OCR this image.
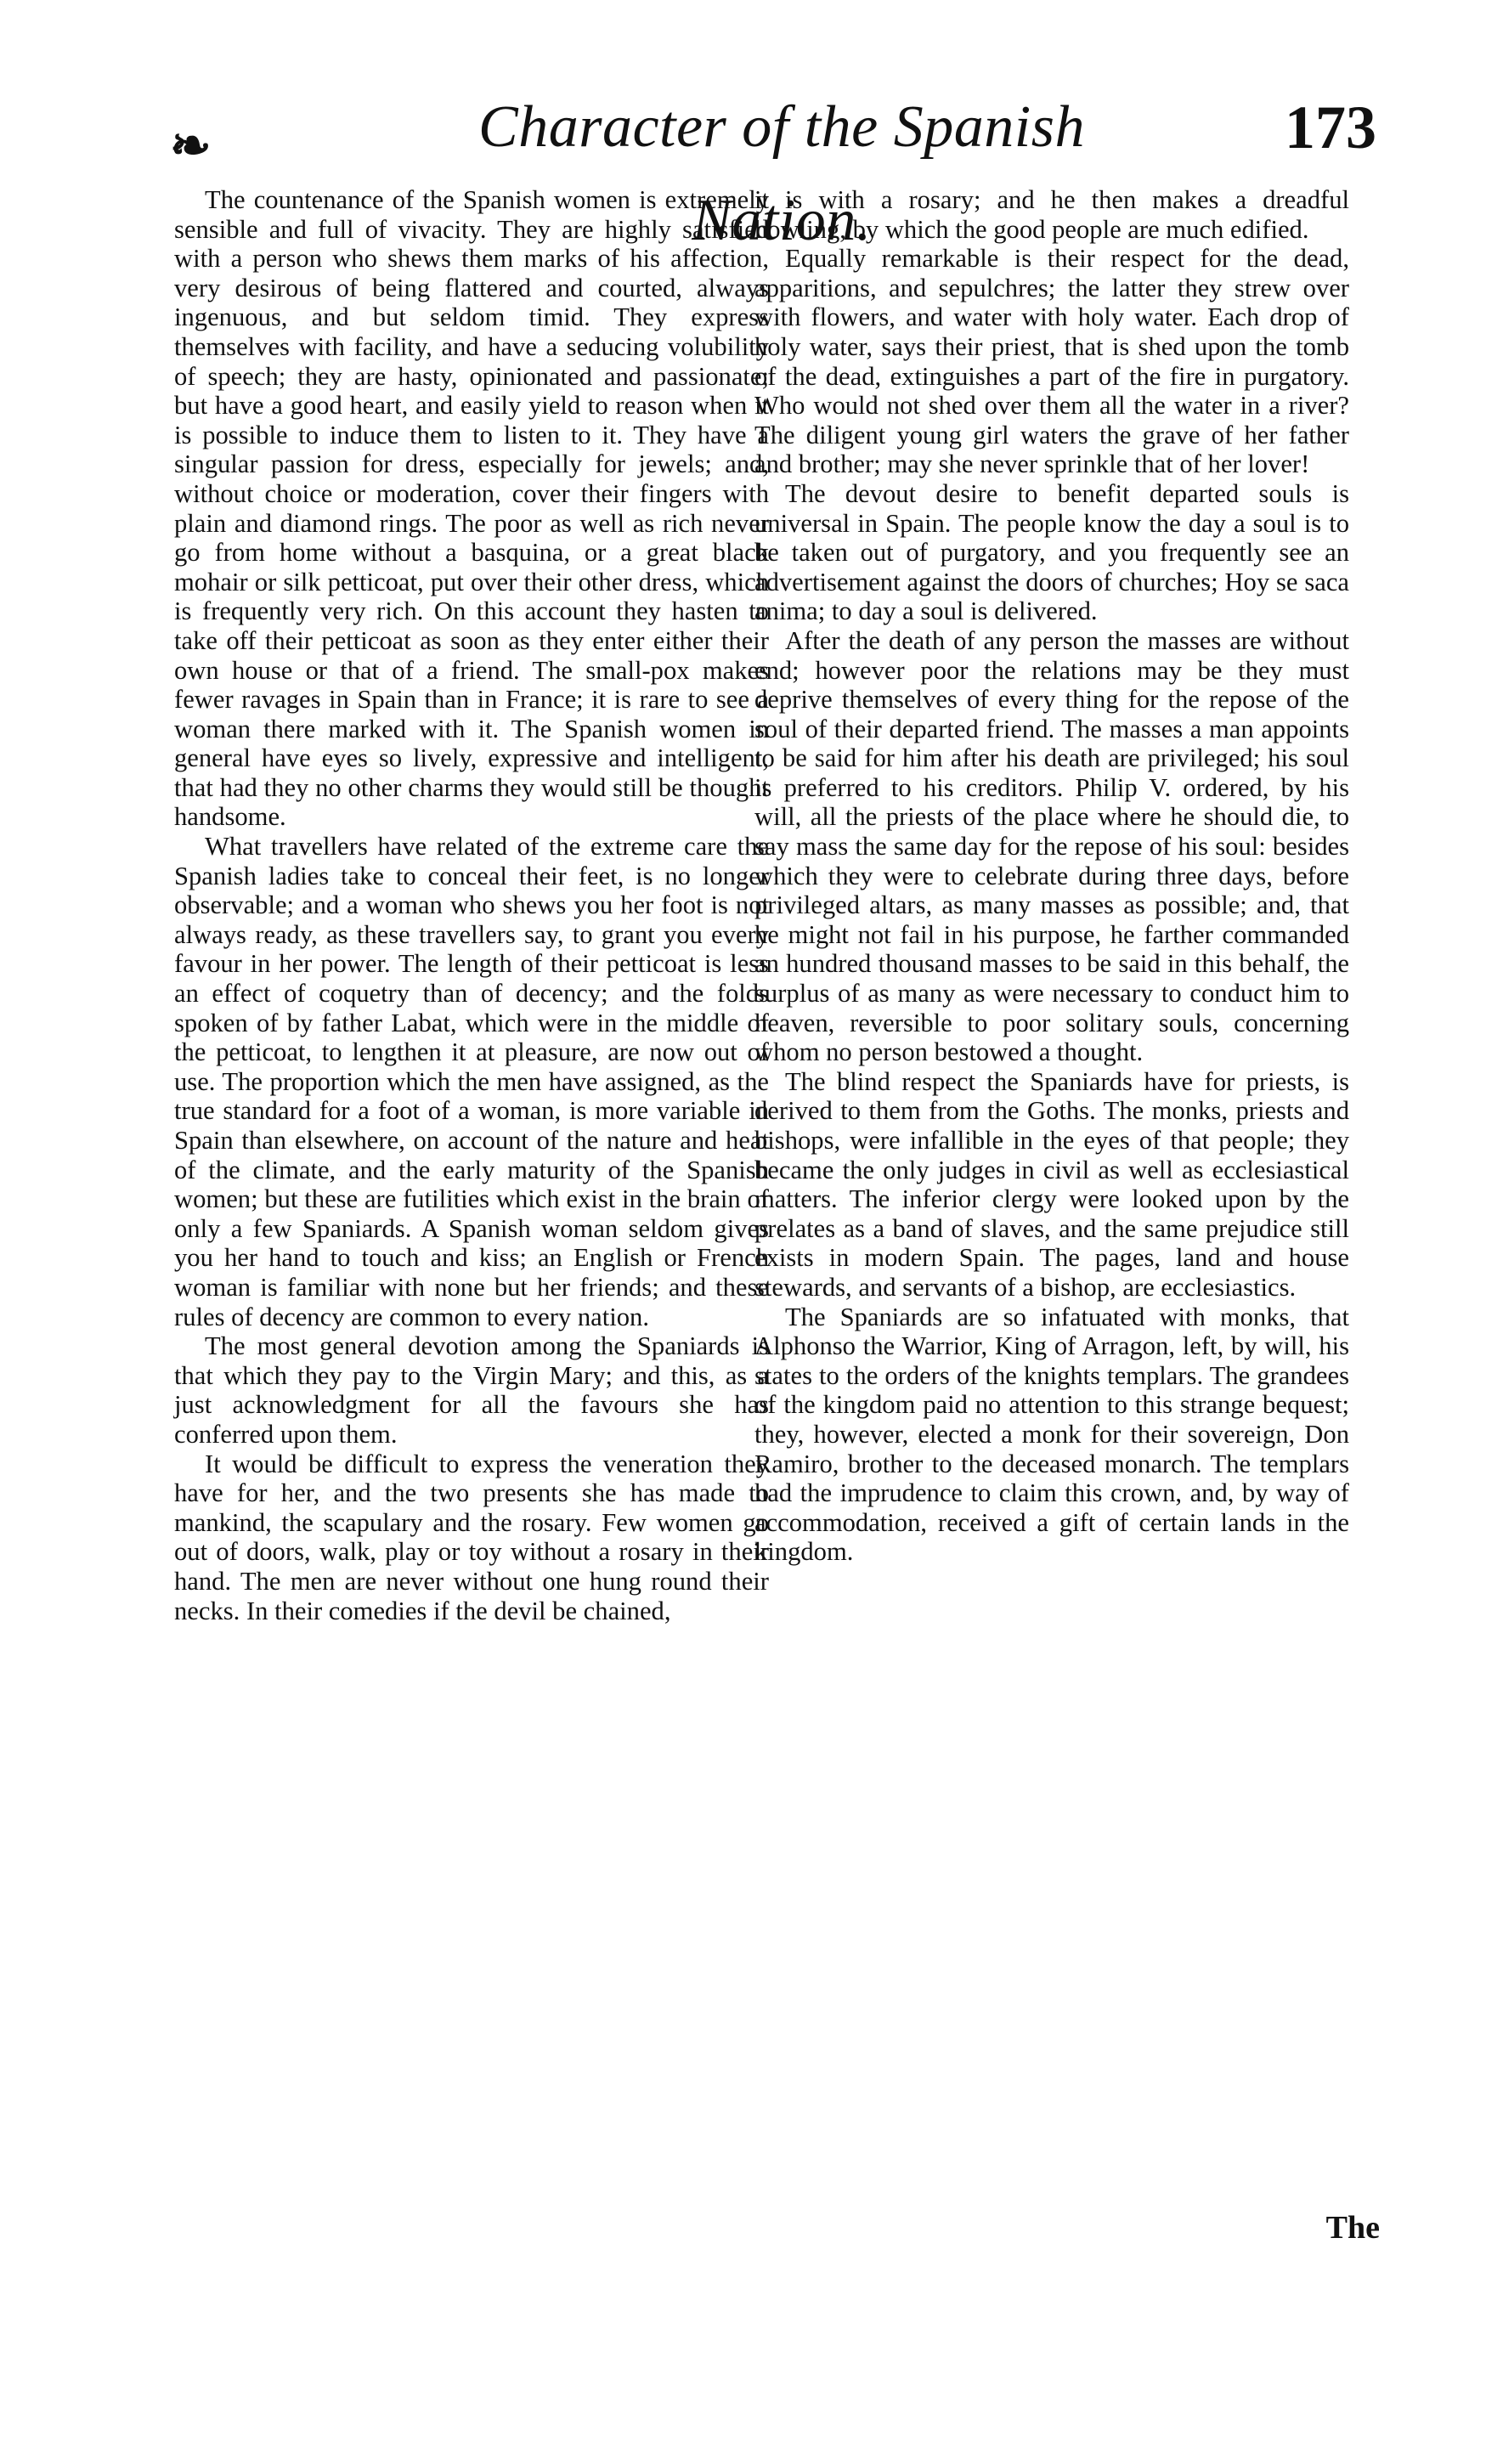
❧	Character of the Spanish Nation.
173

The countenance of the Spanish women is extremely sensible and full of vivacity. They are highly satisfied with a person who shews them marks of his affection, very desirous of being flattered and courted, always ingenuous, and but seldom timid. They express themselves with facility, and have a seducing volubility of speech; they are hasty, opinionated and passionate; but have a good heart, and easily yield to reason when it is possible to induce them to listen to it. They have a singular passion for dress, especially for jewels; and, without choice or moderation, cover their fingers with plain and diamond rings. The poor as well as rich never go from home without a basquina, or a great black mohair or silk petticoat, put over their other dress, which is frequently very rich. On this account they hasten to take off their petticoat as soon as they enter either their own house or that of a friend. The small-pox makes fewer ravages in Spain than in France; it is rare to see a woman there marked with it. The Spanish women in general have eyes so lively, expressive and intelligent, that had they no other charms they would still be thought handsome.

What travellers have related of the extreme care the Spanish ladies take to conceal their feet, is no longer observable; and a woman who shews you her foot is not always ready, as these travellers say, to grant you every favour in her power. The length of their petticoat is less an effect of coquetry than of decency; and the folds spoken of by father Labat, which were in the middle of the petticoat, to lengthen it at pleasure, are now out of use. The proportion which the men have assigned, as the true standard for a foot of a woman, is more variable in Spain than elsewhere, on account of the nature and heat of the climate, and the early maturity of the Spanish women; but these are futilities which exist in the brain of only a few Spaniards. A Spanish woman seldom gives you her hand to touch and kiss; an English or French woman is familiar with none but her friends; and these rules of decency are common to every nation.

The most general devotion among the Spaniards is that which they pay to the Virgin Mary; and this, as a just acknowledgment for all the favours she has conferred upon them.

It would be difficult to express the veneration they have for her, and the two presents she has made to mankind, the scapulary and the rosary. Few women go out of doors, walk, play or toy without a rosary in their hand. The men are never without one hung round their necks. In their comedies if the devil be chained,

it is with a rosary; and he then makes a dreadful howling, by which the good people are much edified.

Equally remarkable is their respect for the dead, apparitions, and sepulchres; the latter they strew over with flowers, and water with holy water. Each drop of holy water, says their priest, that is shed upon the tomb of the dead, extinguishes a part of the fire in purgatory. Who would not shed over them all the water in a river? The diligent young girl waters the grave of her father and brother; may she never sprinkle that of her lover!

The devout desire to benefit departed souls is universal in Spain. The people know the day a soul is to be taken out of purgatory, and you frequently see an advertisement against the doors of churches; Hoy se saca anima; to day a soul is delivered.

After the death of any person the masses are without end; however poor the relations may be they must deprive themselves of every thing for the repose of the soul of their departed friend. The masses a man appoints to be said for him after his death are privileged; his soul is preferred to his creditors. Philip V. ordered, by his will, all the priests of the place where he should die, to say mass the same day for the repose of his soul: besides which they were to celebrate during three days, before privileged altars, as many masses as possible; and, that he might not fail in his purpose, he farther commanded an hundred thousand masses to be said in this behalf, the surplus of as many as were necessary to conduct him to heaven, reversible to poor solitary souls, concerning whom no person bestowed a thought.

The blind respect the Spaniards have for priests, is derived to them from the Goths. The monks, priests and bishops, were infallible in the eyes of that people; they became the only judges in civil as well as ecclesiastical matters. The inferior clergy were looked upon by the prelates as a band of slaves, and the same prejudice still exists in modern Spain. The pages, land and house stewards, and servants of a bishop, are ecclesiastics.

The Spaniards are so infatuated with monks, that Alphonso the Warrior, King of Arragon, left, by will, his states to the orders of the knights templars. The grandees of the kingdom paid no attention to this strange bequest; they, however, elected a monk for their sovereign, Don Ramiro, brother to the deceased monarch. The templars had the imprudence to claim this crown, and, by way of accommodation, received a gift of certain lands in the kingdom.

The
